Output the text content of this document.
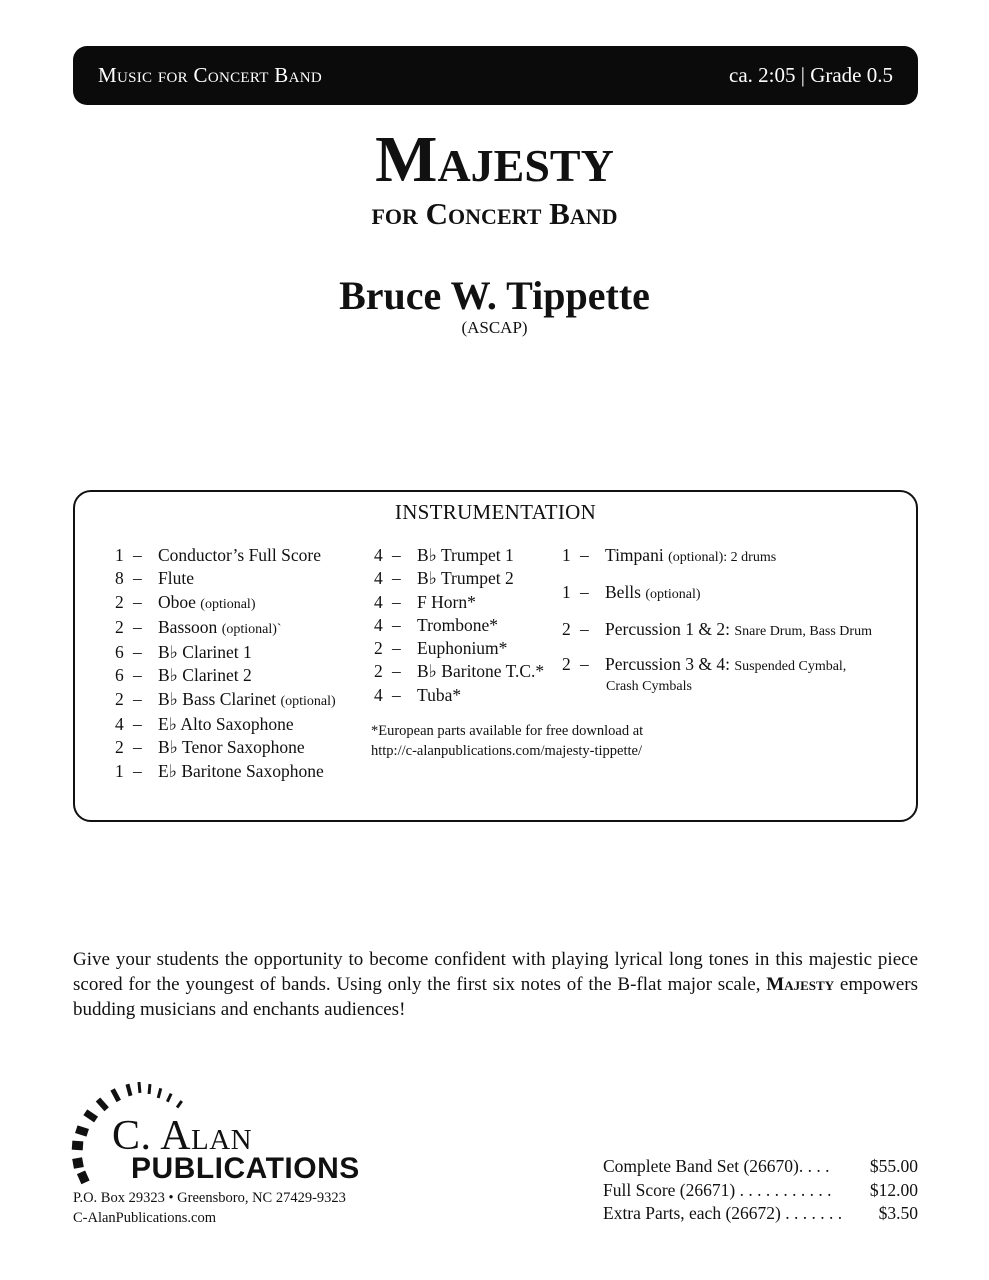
Music for Concert Band	ca. 2:05 | Grade 0.5
Majesty
for Concert Band
Bruce W. Tippette
(ASCAP)
INSTRUMENTATION
1 – Conductor’s Full Score
8 – Flute
2 – Oboe (optional)
2 – Bassoon (optional)`
6 – B♭ Clarinet 1
6 – B♭ Clarinet 2
2 – B♭ Bass Clarinet (optional)
4 – E♭ Alto Saxophone
2 – B♭ Tenor Saxophone
1 – E♭ Baritone Saxophone
4 – B♭ Trumpet 1
4 – B♭ Trumpet 2
4 – F Horn*
4 – Trombone*
2 – Euphonium*
2 – B♭ Baritone T.C.*
4 – Tuba*
1 – Timpani (optional): 2 drums
1 – Bells (optional)
2 – Percussion 1 & 2: Snare Drum, Bass Drum
2 – Percussion 3 & 4: Suspended Cymbal,
Crash Cymbals
*European parts available for free download at
http://c-alanpublications.com/majesty-tippette/
Give your students the opportunity to become confident with playing lyrical long tones in this majestic piece scored for the youngest of bands. Using only the first six notes of the B-flat major scale, Majesty empowers budding musicians and enchants audiences!
C. Alan
PUBLICATIONS
P.O. Box 29323 • Greensboro, NC 27429-9323
C-AlanPublications.com
Complete Band Set (26670). . . . $55.00
Full Score (26671) . . . . . . . . . . . $12.00
Extra Parts, each (26672) . . . . . . . $3.50
